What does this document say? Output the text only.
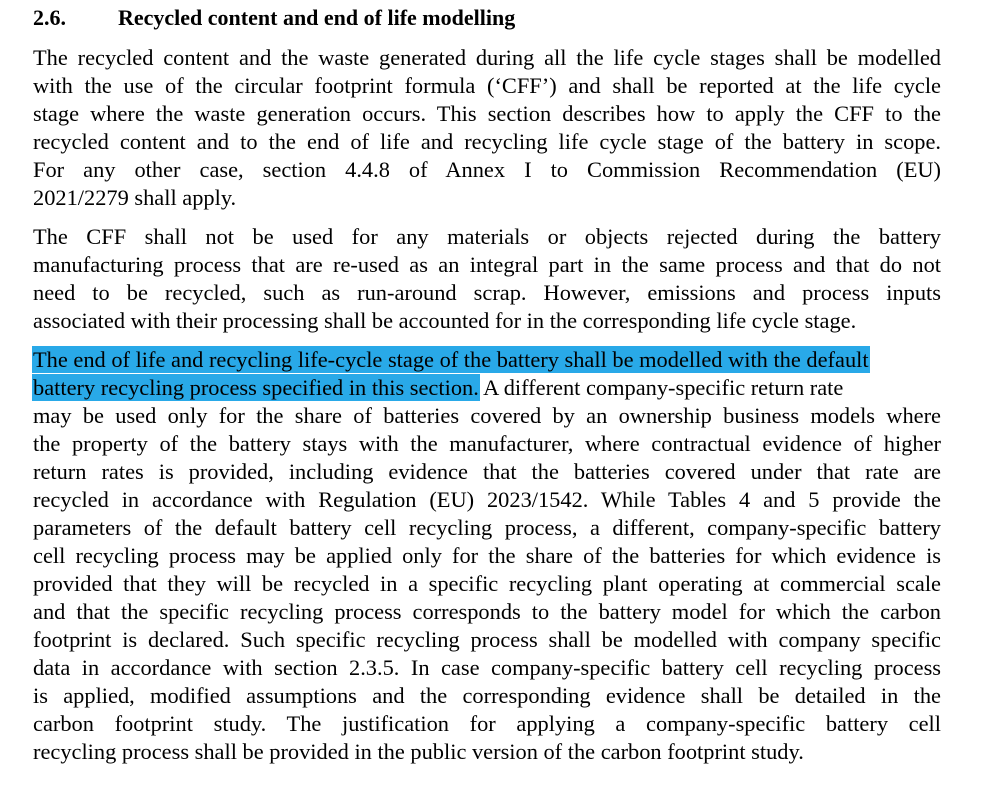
2.6. Recycled content and end of life modelling
The recycled content and the waste generated during all the life cycle stages shall be modelled
with the use of the circular footprint formula (‘CFF’) and shall be reported at the life cycle
stage where the waste generation occurs. This section describes how to apply the CFF to the
recycled content and to the end of life and recycling life cycle stage of the battery in scope.
For any other case, section 4.4.8 of Annex I to Commission Recommendation (EU)
2021/2279 shall apply.
The CFF shall not be used for any materials or objects rejected during the battery
manufacturing process that are re-used as an integral part in the same process and that do not
need to be recycled, such as run-around scrap. However, emissions and process inputs
associated with their processing shall be accounted for in the corresponding life cycle stage.
The end of life and recycling life-cycle stage of the battery shall be modelled with the default
battery recycling process specified in this section. A different company-specific return rate
may be used only for the share of batteries covered by an ownership business models where
the property of the battery stays with the manufacturer, where contractual evidence of higher
return rates is provided, including evidence that the batteries covered under that rate are
recycled in accordance with Regulation (EU) 2023/1542. While Tables 4 and 5 provide the
parameters of the default battery cell recycling process, a different, company-specific battery
cell recycling process may be applied only for the share of the batteries for which evidence is
provided that they will be recycled in a specific recycling plant operating at commercial scale
and that the specific recycling process corresponds to the battery model for which the carbon
footprint is declared. Such specific recycling process shall be modelled with company specific
data in accordance with section 2.3.5. In case company-specific battery cell recycling process
is applied, modified assumptions and the corresponding evidence shall be detailed in the
carbon footprint study. The justification for applying a company-specific battery cell
recycling process shall be provided in the public version of the carbon footprint study.
